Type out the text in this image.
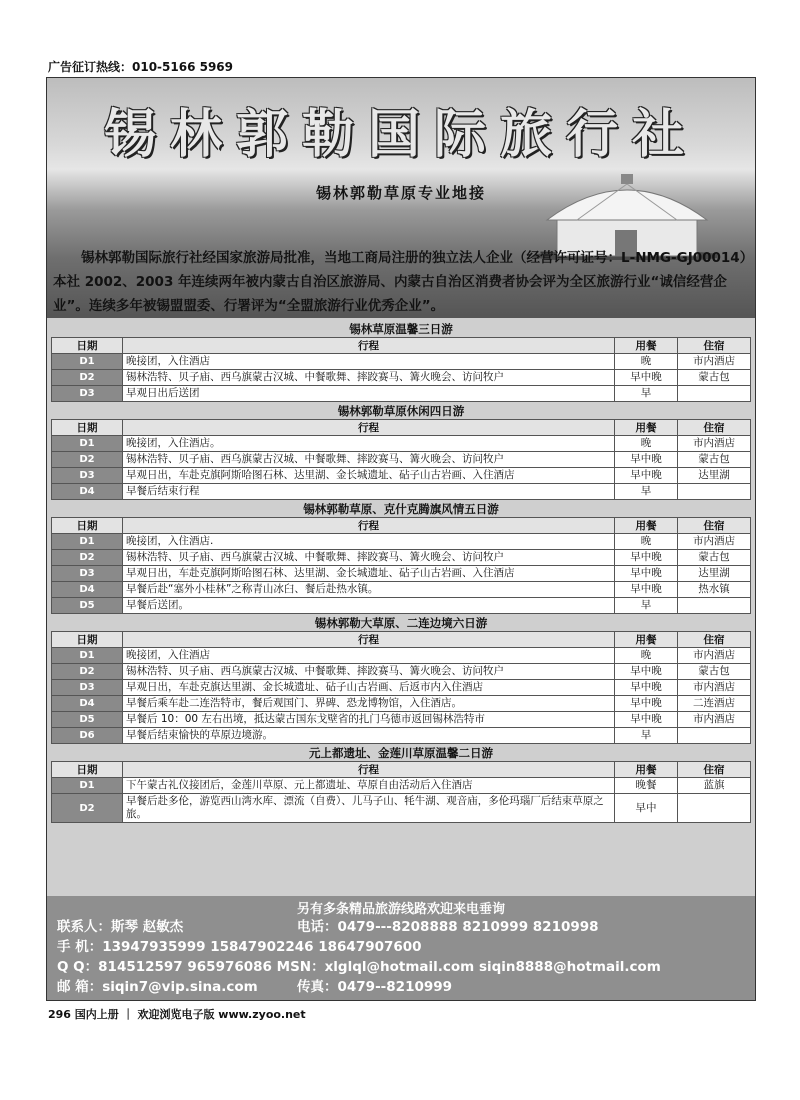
广告征订热线：010-5166 5969
锡林郭勒国际旅行社
锡林郭勒草原专业地接
锡林郭勒国际旅行社经国家旅游局批准，当地工商局注册的独立法人企业（经营许可证号：L-NMG-GJ00014）本社 2002、2003 年连续两年被内蒙古自治区旅游局、内蒙古自治区消费者协会评为全区旅游行业“诚信经营企业”。连续多年被锡盟盟委、行署评为“全盟旅游行业优秀企业”。
锡林草原温馨三日游
日期	行程	用餐	住宿
D1	晚接团，入住酒店	晚	市内酒店
D2	锡林浩特、贝子庙、西乌旗蒙古汉城、中餐歌舞、摔跤赛马、篝火晚会、访问牧户	早中晚	蒙古包
D3	早观日出后送团	早	
锡林郭勒草原休闲四日游
日期	行程	用餐	住宿
D1	晚接团，入住酒店。	晚	市内酒店
D2	锡林浩特、贝子庙、西乌旗蒙古汉城、中餐歌舞、摔跤赛马、篝火晚会、访问牧户	早中晚	蒙古包
D3	早观日出，车赴克旗阿斯哈图石林、达里湖、金长城遗址、砧子山古岩画、入住酒店	早中晚	达里湖
D4	早餐后结束行程	早	
锡林郭勒草原、克什克腾旗风情五日游
日期	行程	用餐	住宿
D1	晚接团，入住酒店.	晚	市内酒店
D2	锡林浩特、贝子庙、西乌旗蒙古汉城、中餐歌舞、摔跤赛马、篝火晚会、访问牧户	早中晚	蒙古包
D3	早观日出，车赴克旗阿斯哈图石林、达里湖、金长城遗址、砧子山古岩画、入住酒店	早中晚	达里湖
D4	早餐后赴“塞外小桂林”之称青山冰臼、餐后赴热水镇。	早中晚	热水镇
D5	早餐后送团。	早	
锡林郭勒大草原、二连边境六日游
日期	行程	用餐	住宿
D1	晚接团，入住酒店	晚	市内酒店
D2	锡林浩特、贝子庙、西乌旗蒙古汉城、中餐歌舞、摔跤赛马、篝火晚会、访问牧户	早中晚	蒙古包
D3	早观日出，车赴克旗达里湖、金长城遗址、砧子山古岩画、后返市内入住酒店	早中晚	市内酒店
D4	早餐后乘车赴二连浩特市，餐后观国门、界碑、恐龙博物馆，入住酒店。	早中晚	二连酒店
D5	早餐后 10：00 左右出境，抵达蒙古国东戈壁省的扎门乌德市返回锡林浩特市	早中晚	市内酒店
D6	早餐后结束愉快的草原边境游。	早	
元上都遗址、金莲川草原温馨二日游
日期	行程	用餐	住宿
D1	下午蒙古礼仪接团后，金莲川草原、元上都遗址、草原自由活动后入住酒店	晚餐	蓝旗
D2	早餐后赴多伦，游览西山湾水库、漂流（自费）、儿马子山、牦牛湖、观音庙，多伦玛瑙厂后结束草原之旅。	早中	
另有多条精品旅游线路欢迎来电垂询
联系人：斯琴 赵敏杰	电话：0479---8208888 8210999 8210998
手 机：13947935999 15847902246 18647907600
Q Q：814512597 965976086 MSN：xlglql@hotmail.com siqin8888@hotmail.com
邮 箱：siqin7@vip.sina.com	传真：0479--8210999
296 国内上册 ｜ 欢迎浏览电子版 www.zyoo.net
